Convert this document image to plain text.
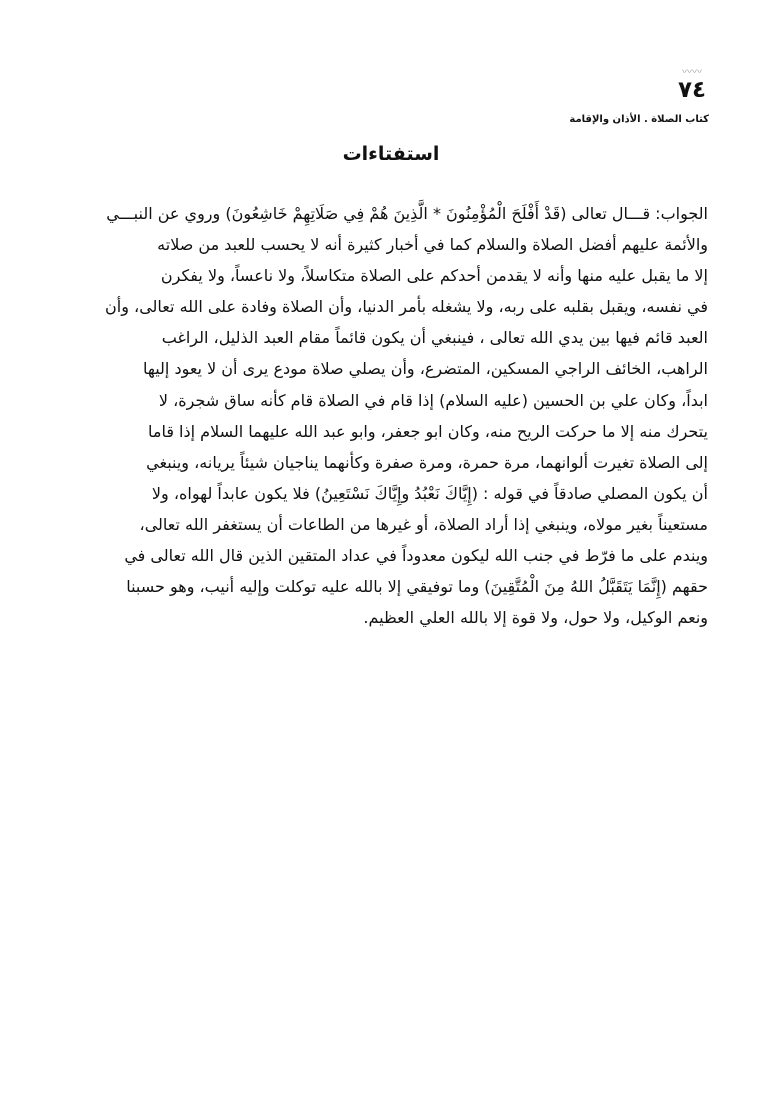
〰〰
٧٤
كتاب الصلاة . الأذان والإقامة
استفتاءات
الجواب: قـــال تعالى (قَدْ أَفْلَحَ الْمُؤْمِنُونَ * الَّذِينَ هُمْ فِي صَلَاتِهِمْ خَاشِعُونَ) وروي عن النبـــي
والأئمة عليهم أفضل الصلاة والسلام كما في أخبار كثيرة أنه لا يحسب للعبد من صلاته
إلا ما يقبل عليه منها وأنه لا يقدمن أحدكم على الصلاة متكاسلاً، ولا ناعساً، ولا يفكرن
في نفسه، ويقبل بقلبه على ربه، ولا يشغله بأمر الدنيا، وأن الصلاة وفادة على الله تعالى، وأن
العبد قائم فيها بين يدي الله تعالى ، فينبغي أن يكون قائماً مقام العبد الذليل، الراغب
الراهب، الخائف الراجي المسكين، المتضرع، وأن يصلي صلاة مودع يرى أن لا يعود إليها
ابداً، وكان علي بن الحسين (عليه السلام) إذا قام في الصلاة قام كأنه ساق شجرة، لا
يتحرك منه إلا ما حركت الريح منه، وكان ابو جعفر، وابو عبد الله عليهما السلام إذا قاما
إلى الصلاة تغيرت ألوانهما، مرة حمرة، ومرة صفرة وكأنهما يناجيان شيئاً يريانه، وينبغي
أن يكون المصلي صادقاً في قوله : (إِيَّاكَ نَعْبُدُ وإِيَّاكَ نَسْتَعِينُ) فلا يكون عابداً لهواه، ولا
مستعيناً بغير مولاه، وينبغي إذا أراد الصلاة، أو غيرها من الطاعات أن يستغفر الله تعالى،
ويندم على ما فرّط في جنب الله ليكون معدوداً في عداد المتقين الذين قال الله تعالى في
حقهم (إِنَّمَا يَتَقَبَّلُ اللهُ مِنَ الْمُتَّقِينَ) وما توفيقي إلا بالله عليه توكلت وإليه أنيب، وهو حسبنا
ونعم الوكيل، ولا حول، ولا قوة إلا بالله العلي العظيم.
